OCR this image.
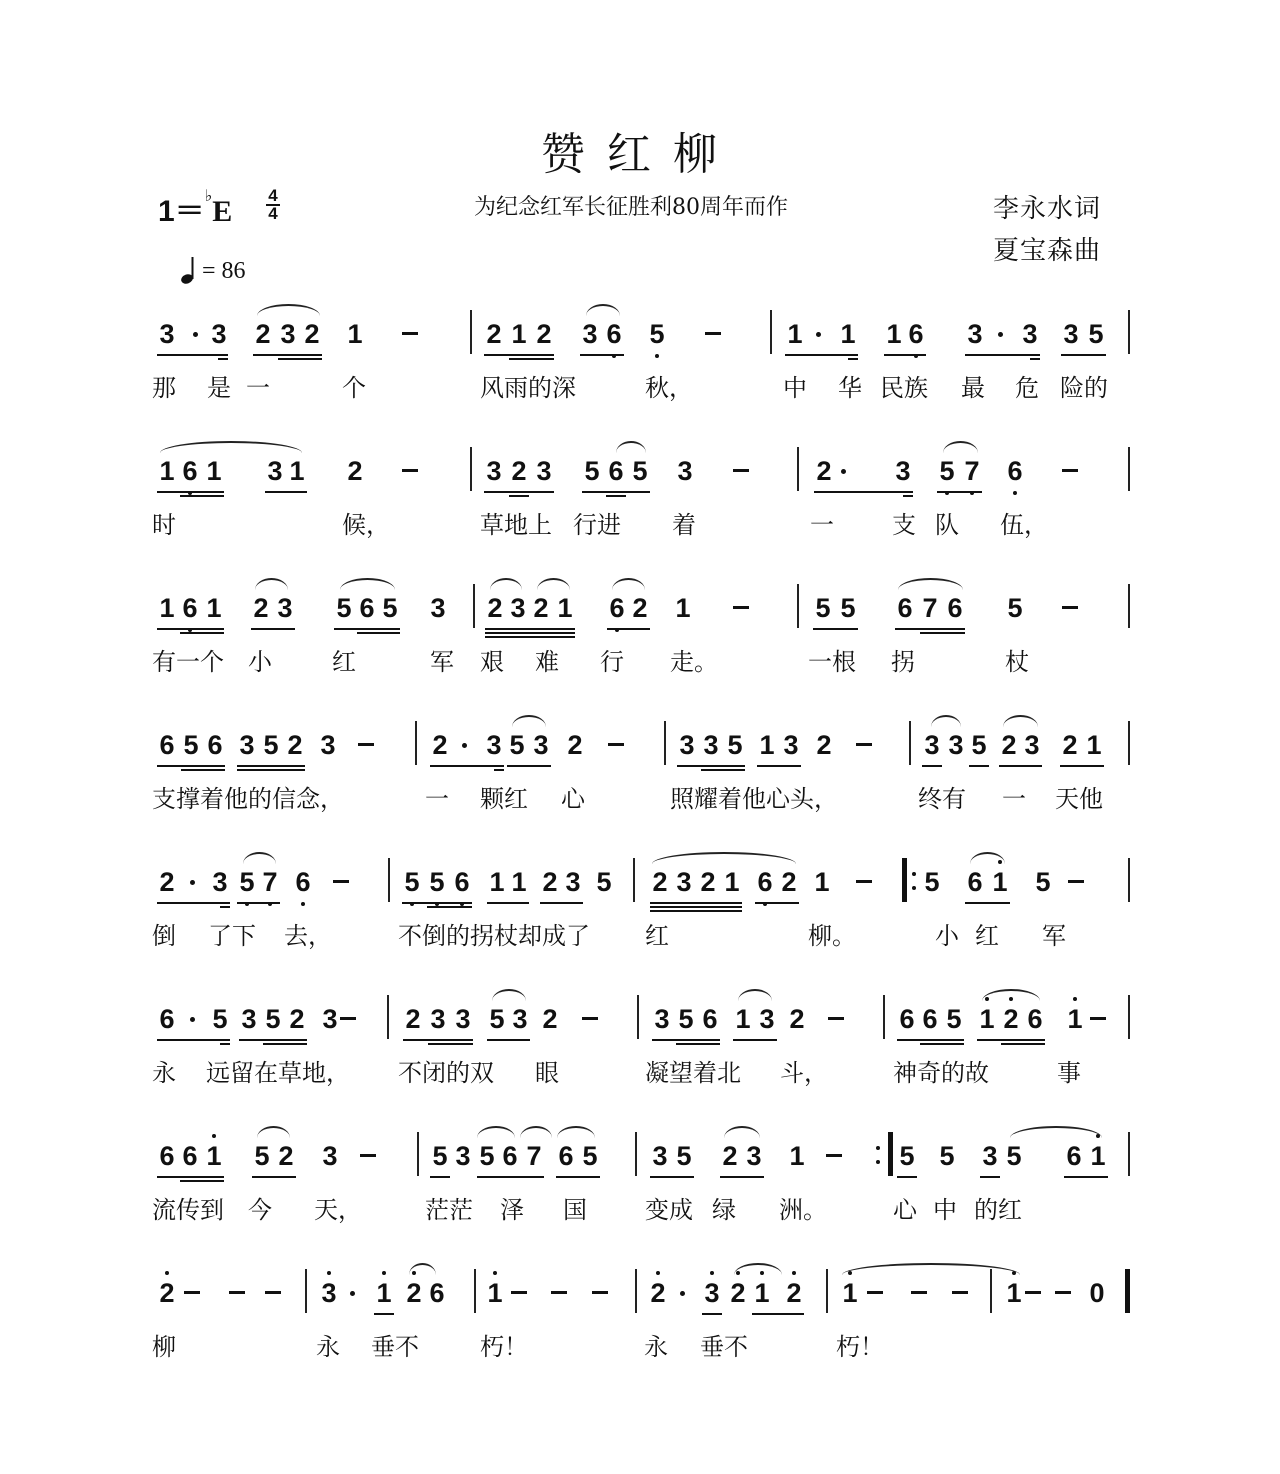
赞红柳
1＝♭E 4
4	为纪念红军长征胜利80周年而作	李永水词
夏宝森曲
= 86
3 3 2 3 2 1	2 1 2 3 6 5	1 1 1 6 3 3 3 5
那 是 一	个	风雨的深	秋，	中 华 民族 最 危 险的
1 6 1 3 1 2	3 2 3 5 6 5 3	2 3 5 7 6
时	候，	草地上 行进 着	一 支 队 伍，
1 6 1 2 3 5 6 5 3 2 3 2 1 6 2 1	5 5 6 7 6 5
有一个 小	红	军 艰 难 行 走。	一根 拐	杖
6 5 6 3 5 2 3	2 3 5 3 2	3 3 5 1 3 2	3 3 5 2 3 2 1
支撑着他的信念，	一 颗红 心	照耀着他心头，	终有 一 天他
2 3 5 7 6	5 5 6 1 1 2 3 5 2 3 2 1 6 2 1	5 6 1 5
倒 了下 去，	不倒的拐杖却成了 红	柳。	小 红 军
6 5 3 5 2 3	2 3 3 5 3 2	3 5 6 1 3 2	6 6 5 1 2 6 1
永 远留在草地， 不闭的双 眼	凝望着北 斗，	神奇的故	事
6 6 1 5 2 3	5 3 5 6 7 6 5 3 5 2 3 1	5 5 3 5 6 1
流传到 今 天，	茫茫 泽 国 变成 绿 洲。	心 中 的红
2	3 1 2 6 1	2 3 2 1 2 1	1	0
柳	永 垂不	朽！	永 垂不	朽！
